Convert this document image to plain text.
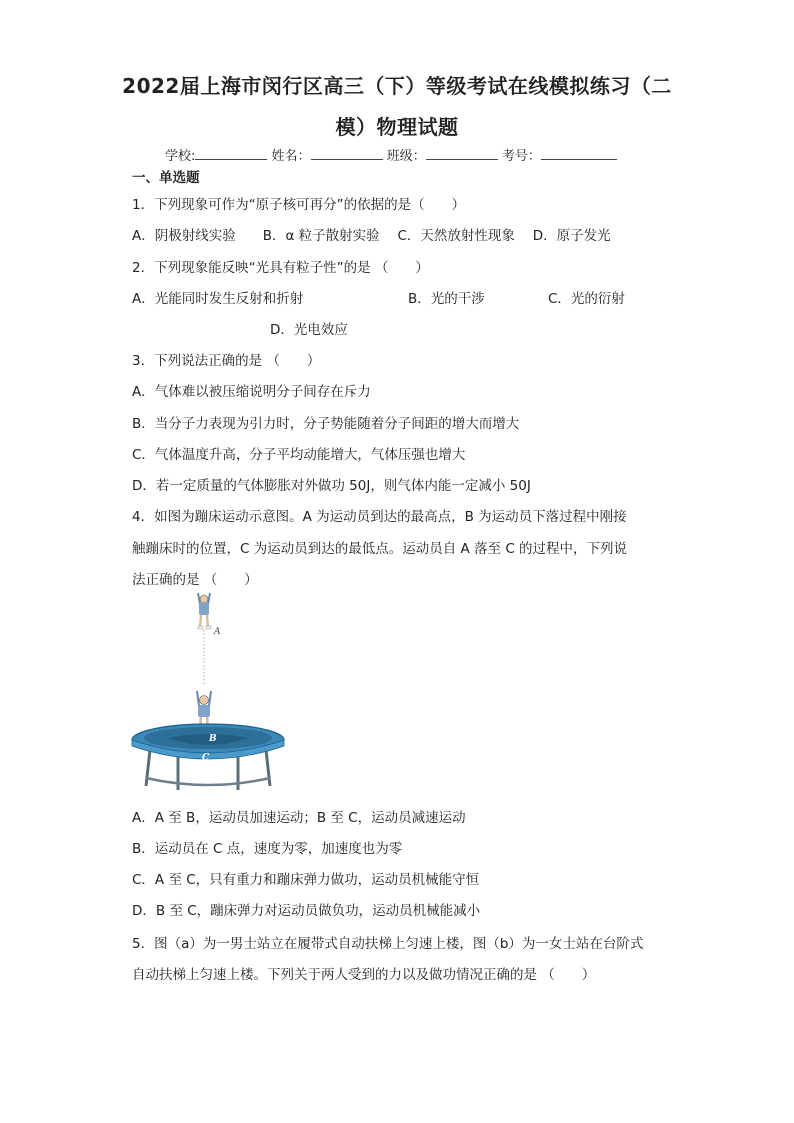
2022届上海市闵行区高三（下）等级考试在线模拟练习（二
模）物理试题
学校:	姓名：	班级：	考号：
一、单选题
1．下列现象可作为“原子核可再分”的依据的是（　　）
A．阴极射线实验　　B．α 粒子散射实验　 C．天然放射性现象　 D．原子发光
2．下列现象能反映“光具有粒子性”的是 （　　）
A．光能同时发生反射和折射	B．光的干涉	C．光的衍射
D．光电效应
3．下列说法正确的是 （　　）
A．气体难以被压缩说明分子间存在斥力
B．当分子力表现为引力时，分子势能随着分子间距的增大而增大
C．气体温度升高，分子平均动能增大，气体压强也增大
D．若一定质量的气体膨胀对外做功 50J，则气体内能一定减小 50J
4．如图为蹦床运动示意图。A 为运动员到达的最高点，B 为运动员下落过程中刚接
触蹦床时的位置，C 为运动员到达的最低点。运动员自 A 落至 C 的过程中，下列说
法正确的是 （　　）
A
B
C
A．A 至 B，运动员加速运动；B 至 C，运动员减速运动
B．运动员在 C 点，速度为零，加速度也为零
C．A 至 C，只有重力和蹦床弹力做功，运动员机械能守恒
D．B 至 C，蹦床弹力对运动员做负功，运动员机械能减小
5．图（a）为一男士站立在履带式自动扶梯上匀速上楼，图（b）为一女士站在台阶式
自动扶梯上匀速上楼。下列关于两人受到的力以及做功情况正确的是 （　　）
